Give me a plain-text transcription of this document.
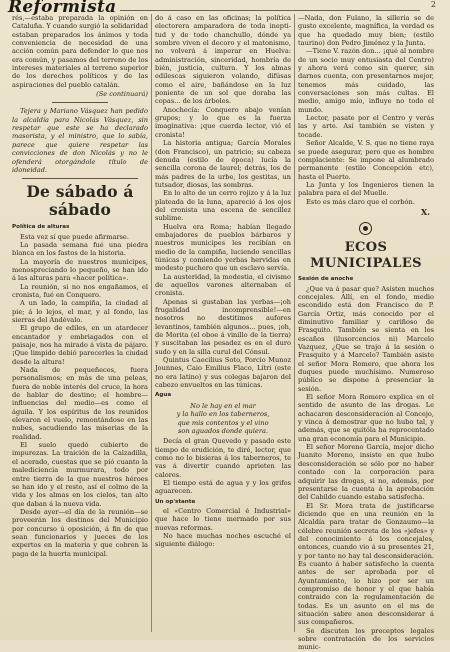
Reformista	2

rés,—estaba preparada la opinión en Cataluña. Y cuando surgió la solidaridad estaban preparados los ánimos y toda conveniencia de necesidad de una acción común para defender lo que nos era común, y pasamos del terreno de los intereses materiales al terreno superior de los derechos políticos y de las aspiraciones del pueblo catalán.

(Se continuará)

Tejera y Mariano Vásquez han pedido la alcaldía para Nicolás Vásquez, sin respetar que este se ha declarado masorista, y el ministro, que lo sabía, parece que quiere respetar las convicciones de don Nicolás y no le ofenderá otorgándole título de idoneidad.

De sábado á sábado
Política de alturas

Esta vez sí que puede afirmarse.

La pasada semana fué una piedra blanca en los fastos de la historia.

La mayoría de nuestros municipes, menospreciando lo pequeño, se han ido á las alturas para «hacer política».

La reunión, si no nos engañamos, el cronista, fué en Conquero.

A un lado, la campiña, la ciudad al pie; á lo lejos, el mar, y al fondo, las sierras del Andévalo.

El grupo de ediles, en un atardecer encantador y embriagados con el paisaje, nos ha mirado á vista de pájaro. ¡Que limpido debió parecerles la ciudad desde la altura!

Nada de pequeñeces, fuera personalismos; en más de una peleas, fuera de noble interés del cruce, la hora de hablar de destino; el hombre—influencias del medio—es como el águila. Y los espíritus de los reunidos elevaron el vuelo, remontándose en las nubes, sacudiendo las miserias de la realidad.

El suelo quedó cubierto de impurezas. La traición de la Calzadilla, el acerado, cuestas que se pió cuanto la malediciencia murmurara, todo por entre tierra de la que nuestros héroes se han ido y el resto, así el colmo de la vida y los almas en los cielos, tan alto que daban á la nueva vida.

Desde ayer—el día de la reunión—se proveerán los destinos del Municipio por concurso ú oposición, á fin de que sean funcionarios y jueces de los expertos en la materia y que cobren la paga de la huerta municipal.

do á caso en las oficinas; la política electorera amparadora de toda inepti- tud y de todo chanchullo, dónde ya sombre viven el decoro y el matonismo, no volverá á imperar en Huelva: administración, sinceridad, hombría de bién, justicia, cultura. Y los almas edilescas siguieron volando, difúsas como el aire, bañándose en la luz poniente de un sol que doraba las copas... de los árboles.

Anochecía: Conquero abajo venían grupos; y lo que es la fuerza imaginativa: ¡que cuerda lector, vió el cronista!

La historia antigua; García Morales (don Francisco), un patricio; su cabeza denuda (estilo de época) lucía la sencilla corona de laurel; detrás, los de más padres de la urbe, los gestitas, un tutsador, diosas, las sombras.

En lo alto de un cerro rojizo y á la luz plateada de la luna, apareció á los ojos del cronista una escena de sencillez sublime.

Huelva era Roma; habían llegado embajadores de pueblos bárbaros y nuestros municipes les recibían en medio de la campiña, luciendo sencillas túnicas y comiendo yerbas hervidas en modesto puchero que un esclavo servía.

La austeridad, la modestia, el civismo de aquellos varones alternaban el cronista.

Apenas si gustaban las yerbas—¡oh frugalidad incomprensible!—en nosotros no destitimos aufores levantinos, también algunos... pues, ¡oh, de Morita (el oboe á vinillo de la tierra) y suscitaban las pesadez es en el duro sudo y en la silla curul del Cónsul.

Quintus Caecilius Soto, Porcio Munoz Jounnes, Caio Emilius Flaco, Lítri (este no era latino) y sus colegas bajaron del cabezo envueltos en las túnicas.

Agua
No le hay en el mar
y la hallo en los taberneros,
que mis contentos y el vino
son aguados donde quiera.

Decía el gran Quevedo y pasado este tiempo de erudición, te diré, lector, que como no lo bisieras á los taberneros, te vas á divertir cuando aprieten las calores.

El tiempo está de agua y y los grifos aguarecen.

Un op'stante

el «Centro Comercial é Industrial» que hace lo tiene mermado por sus nuevas reformas.

No hace muchas noches escuché el siguiente diálogo:

—Nada, don Fulano, la silleria se de gusto excelente, magnífica, la verdad es que ha quedado muy bien; (estilo taurino) don Pedro Jiménez y la Junta.

—Tiene V. razón don... ¡qué al nombre de un socio muy entusiasta del Centro) y ahora verá como sin querer, sin darnos cuenta, con presentarnos mejor, tenemos más cuidado, las conversaciones son más cultas. El medio, amigo mío, influye no todo el mundo.

Lector, pasate por el Centro y verás las y arte. Así también se visten y tocade.

Señor Alcalde, V. S. que no tiene raya se puede asegurar, pero que es hombre complaciente: Se impone al alumbrado permanente (estilo Concepción etc), hasta el Puerto.

La Junta y los Ingenieros tienen la palabra para el del Muelle.

Esto es más claro que el corbón.

X.
ECOS MUNICIPALES
Sesión de anoche

¿Que va á pasar que? Asisten muchos concejales. Allí, en el fondo, medio escondido está don Francisco de P. García Ortiz, más conocido por el diminutivo familiar y cariñoso de Frasquito. También se sienta en los escaños (ilusorcencios ni) Marcelo Vazquez, ¿Que se trajo á la sesión o Frasquito y á Marcelo? También asiste el señor Mora Romero, que ahora los duques puede muchísimo. Numeroso público se dispone á presenciar la sesión.

El señor Mora Romero explica en el sentido de asunto de las drogas. Le achacaron desconsideración al Concejo, y vinca á demostrar que no hubo tal, y además, que se quitóla ha reprocentado una gran economía para el Municipio.

El señor Moreno García, mejor dicho Juanito Moreno, insiste en que hubo desconsideración se sólo por no haber contado con la corporación para adquirir las drogas, si no, además, por presentarse la cuenta á la aprobación del Cabildo cuando estaba satisfecha.

El Sr. Mora trata de justificarse diciendo que en una reunión en la Alcaldía para tratar de Gonzaumo—la célebre reunión secreta de los «jefes» y del conocimiento á los concejales, entonces, cuando vio á su presentes 21, y por tanto no hay tal desconsideración. Es cuanto á haber satisfecho la cuenta antes de ser aprobada por el Ayuntamiento, lo hizo por ser un compromiso de honor y el que había contraido con la regulamentación de todas. Es un asunto en el ms de situación sabre anea desconsiderar á sus compañeros.

Se discuten los preceptos legales sobre contratación de los servicios munic-
